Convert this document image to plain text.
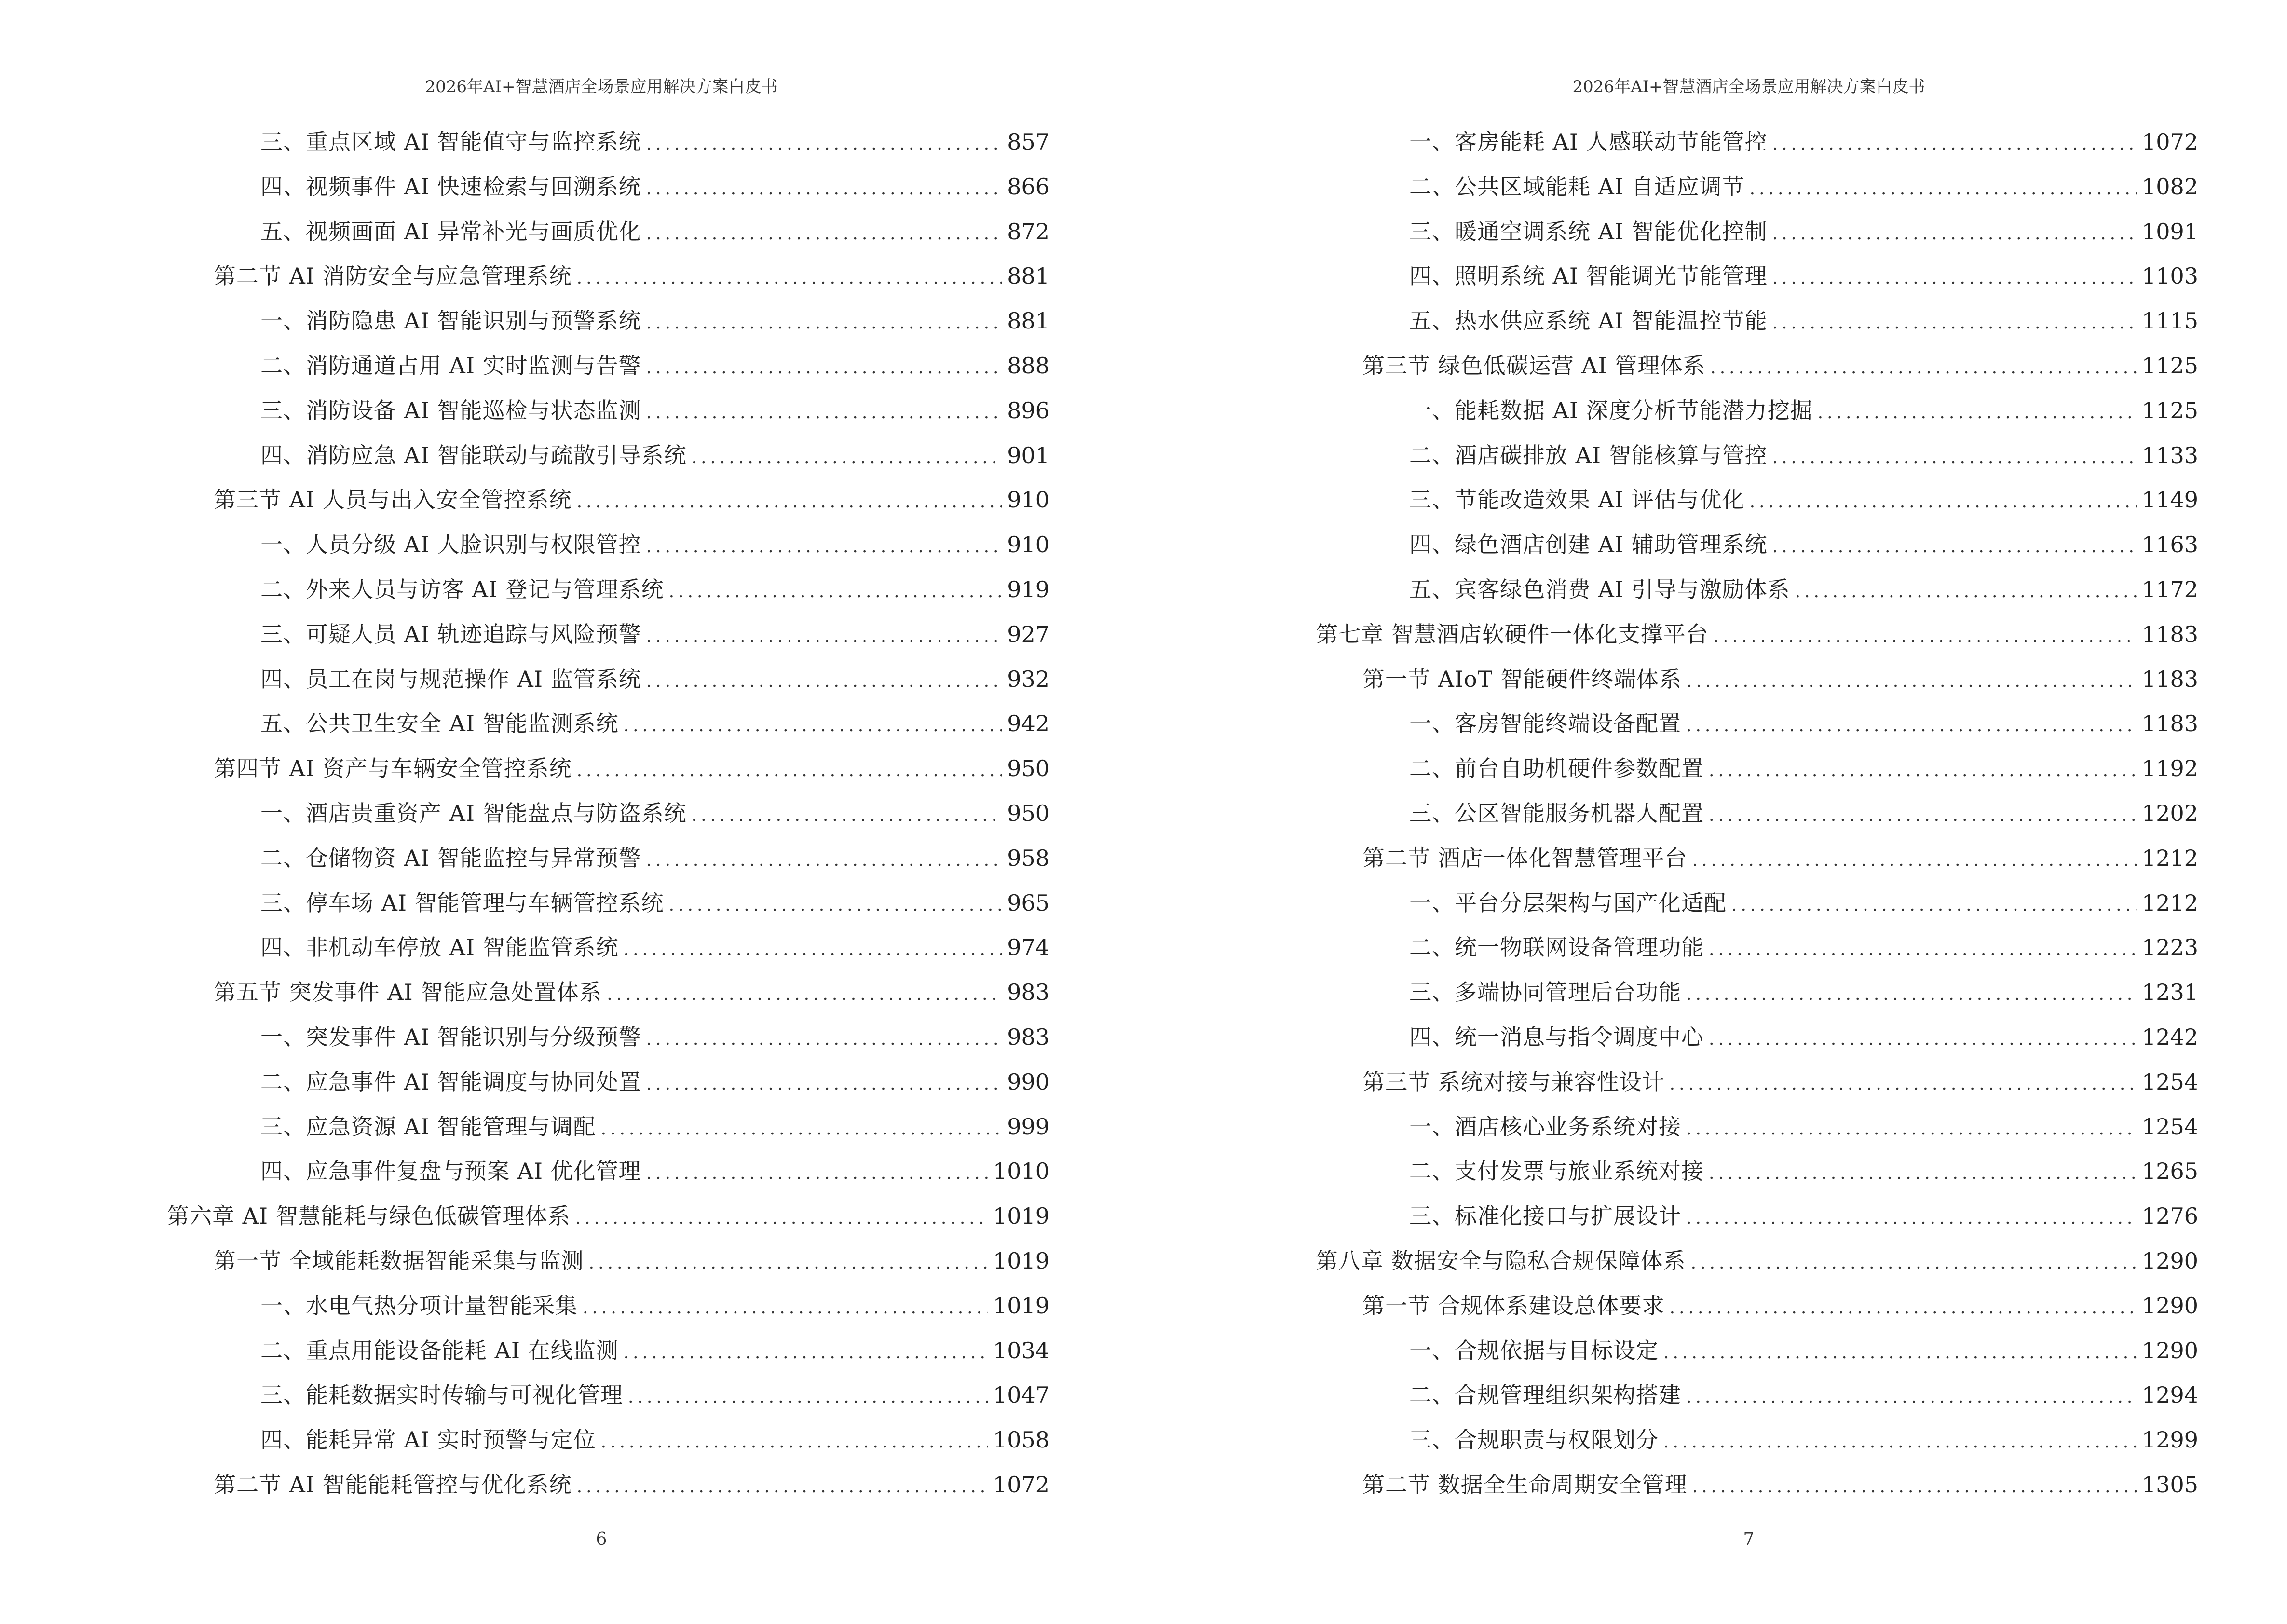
2026年AI+智慧酒店全场景应用解决方案白皮书
三、重点区域 AI 智能值守与监控系统 .....	857
四、视频事件 AI 快速检索与回溯系统 .....	866
五、视频画面 AI 异常补光与画质优化 .....	872
第二节 AI 消防安全与应急管理系统 .....	881
一、消防隐患 AI 智能识别与预警系统 .....	881
二、消防通道占用 AI 实时监测与告警 .....	888
三、消防设备 AI 智能巡检与状态监测 .....	896
四、消防应急 AI 智能联动与疏散引导系统 .....	901
第三节 AI 人员与出入安全管控系统 .....	910
一、人员分级 AI 人脸识别与权限管控 .....	910
二、外来人员与访客 AI 登记与管理系统 .....	919
三、可疑人员 AI 轨迹追踪与风险预警 .....	927
四、员工在岗与规范操作 AI 监管系统 .....	932
五、公共卫生安全 AI 智能监测系统 .....	942
第四节 AI 资产与车辆安全管控系统 .....	950
一、酒店贵重资产 AI 智能盘点与防盗系统 .....	950
二、仓储物资 AI 智能监控与异常预警 .....	958
三、停车场 AI 智能管理与车辆管控系统 .....	965
四、非机动车停放 AI 智能监管系统 .....	974
第五节 突发事件 AI 智能应急处置体系 .....	983
一、突发事件 AI 智能识别与分级预警 .....	983
二、应急事件 AI 智能调度与协同处置 .....	990
三、应急资源 AI 智能管理与调配 .....	999
四、应急事件复盘与预案 AI 优化管理 .....	1010
第六章 AI 智慧能耗与绿色低碳管理体系 .....	1019
第一节 全域能耗数据智能采集与监测 .....	1019
一、水电气热分项计量智能采集 .....	1019
二、重点用能设备能耗 AI 在线监测 .....	1034
三、能耗数据实时传输与可视化管理 .....	1047
四、能耗异常 AI 实时预警与定位 .....	1058
第二节 AI 智能能耗管控与优化系统 .....	1072
6
2026年AI+智慧酒店全场景应用解决方案白皮书
一、客房能耗 AI 人感联动节能管控 .....	1072
二、公共区域能耗 AI 自适应调节 .....	1082
三、暖通空调系统 AI 智能优化控制 .....	1091
四、照明系统 AI 智能调光节能管理 .....	1103
五、热水供应系统 AI 智能温控节能 .....	1115
第三节 绿色低碳运营 AI 管理体系 .....	1125
一、能耗数据 AI 深度分析节能潜力挖掘 .....	1125
二、酒店碳排放 AI 智能核算与管控 .....	1133
三、节能改造效果 AI 评估与优化 .....	1149
四、绿色酒店创建 AI 辅助管理系统 .....	1163
五、宾客绿色消费 AI 引导与激励体系 .....	1172
第七章 智慧酒店软硬件一体化支撑平台 .....	1183
第一节 AIoT 智能硬件终端体系 .....	1183
一、客房智能终端设备配置 .....	1183
二、前台自助机硬件参数配置 .....	1192
三、公区智能服务机器人配置 .....	1202
第二节 酒店一体化智慧管理平台 .....	1212
一、平台分层架构与国产化适配 .....	1212
二、统一物联网设备管理功能 .....	1223
三、多端协同管理后台功能 .....	1231
四、统一消息与指令调度中心 .....	1242
第三节 系统对接与兼容性设计 .....	1254
一、酒店核心业务系统对接 .....	1254
二、支付发票与旅业系统对接 .....	1265
三、标准化接口与扩展设计 .....	1276
第八章 数据安全与隐私合规保障体系 .....	1290
第一节 合规体系建设总体要求 .....	1290
一、合规依据与目标设定 .....	1290
二、合规管理组织架构搭建 .....	1294
三、合规职责与权限划分 .....	1299
第二节 数据全生命周期安全管理 .....	1305
7
